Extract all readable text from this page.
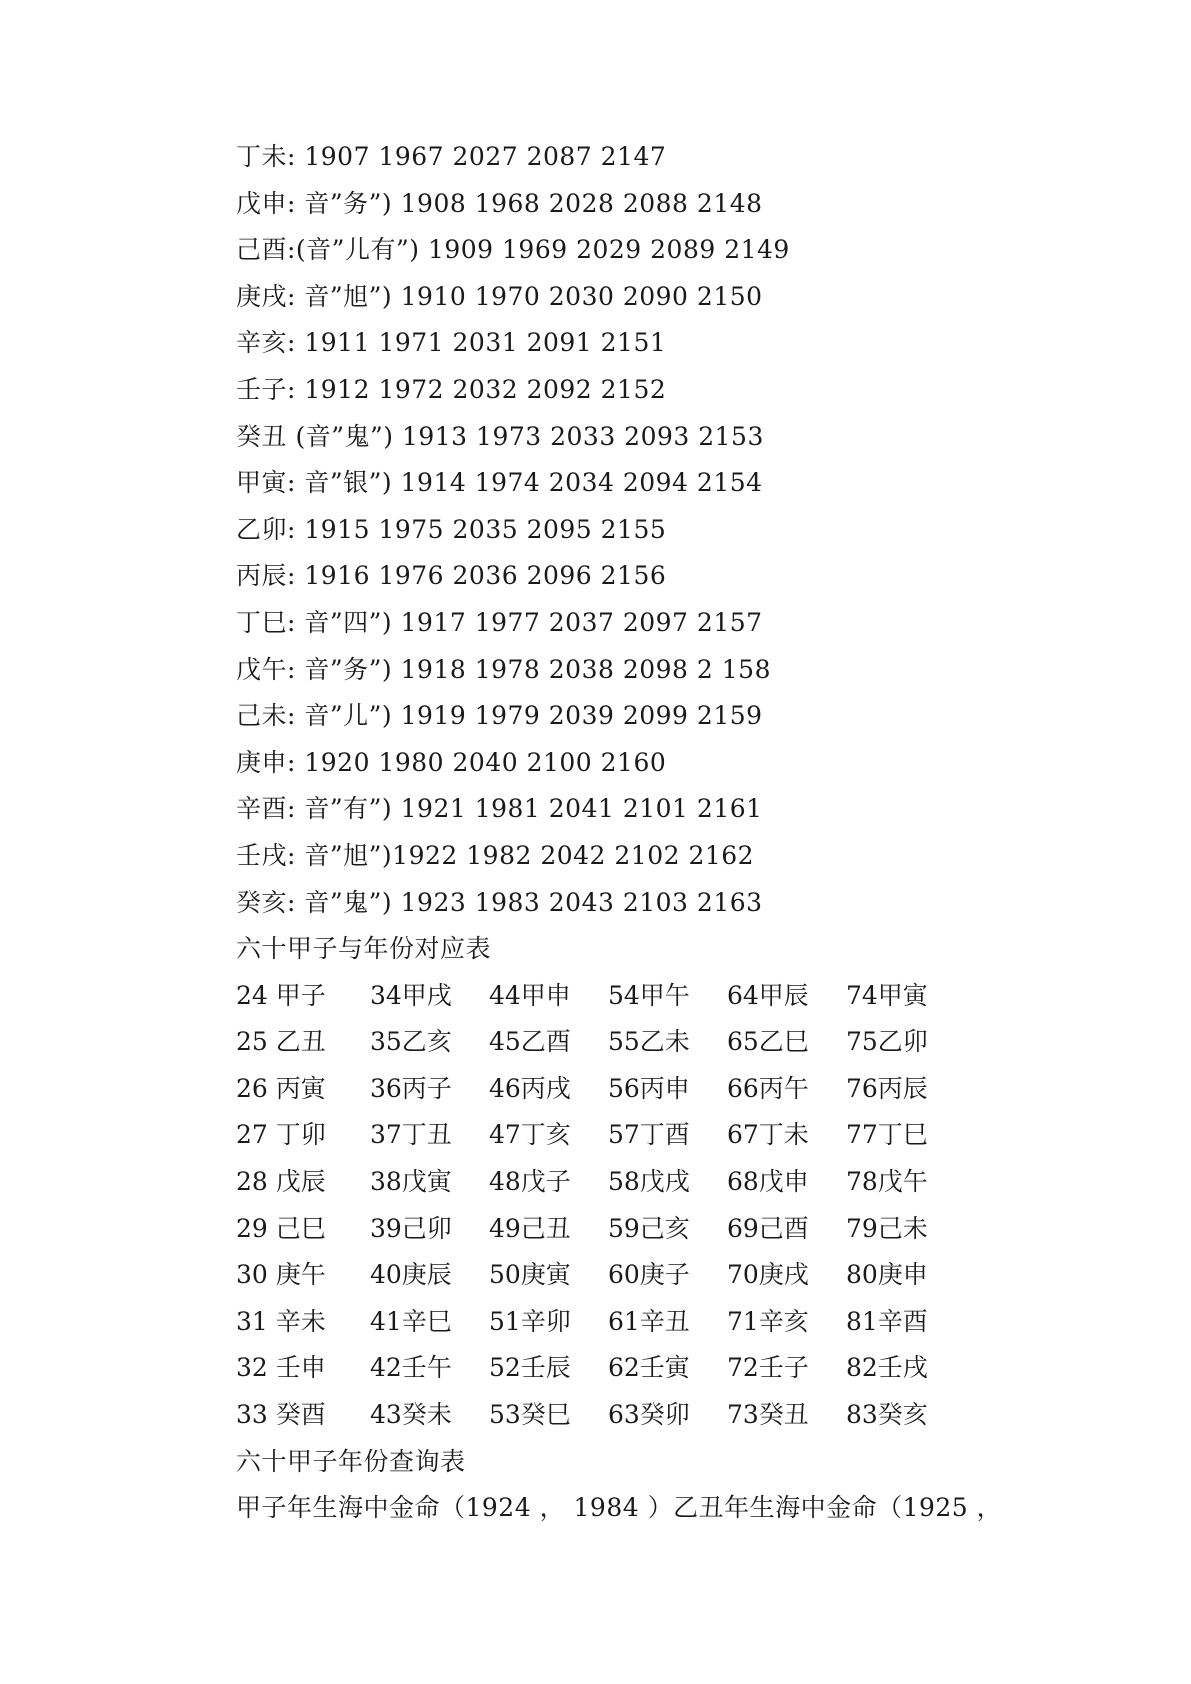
丁未: 1907 1967 2027 2087 2147
戊申: 音”务”) 1908 1968 2028 2088 2148
己酉:(音”儿有”) 1909 1969 2029 2089 2149
庚戌: 音”旭”) 1910 1970 2030 2090 2150
辛亥: 1911 1971 2031 2091 2151
壬子: 1912 1972 2032 2092 2152
癸丑 (音”鬼”) 1913 1973 2033 2093 2153
甲寅: 音”银”) 1914 1974 2034 2094 2154
乙卯: 1915 1975 2035 2095 2155
丙辰: 1916 1976 2036 2096 2156
丁巳: 音”四”) 1917 1977 2037 2097 2157
戊午: 音”务”) 1918 1978 2038 2098 2 158
己未: 音”儿”) 1919 1979 2039 2099 2159
庚申: 1920 1980 2040 2100 2160
辛酉: 音”有”) 1921 1981 2041 2101 2161
壬戌: 音”旭”)1922 1982 2042 2102 2162
癸亥: 音”鬼”) 1923 1983 2043 2103 2163
六十甲子与年份对应表
24 甲子	34甲戌	44甲申	54甲午	64甲辰	74甲寅
25 乙丑	35乙亥	45乙酉	55乙未	65乙巳	75乙卯
26 丙寅	36丙子	46丙戌	56丙申	66丙午	76丙辰
27 丁卯	37丁丑	47丁亥	57丁酉	67丁未	77丁巳
28 戊辰	38戊寅	48戊子	58戊戌	68戊申	78戊午
29 己巳	39己卯	49己丑	59己亥	69己酉	79己未
30 庚午	40庚辰	50庚寅	60庚子	70庚戌	80庚申
31 辛未	41辛巳	51辛卯	61辛丑	71辛亥	81辛酉
32 壬申	42壬午	52壬辰	62壬寅	72壬子	82壬戌
33 癸酉	43癸未	53癸巳	63癸卯	73癸丑	83癸亥
六十甲子年份查询表
甲子年生海中金命（1924 ， 1984 ）乙丑年生海中金命（1925 ，
